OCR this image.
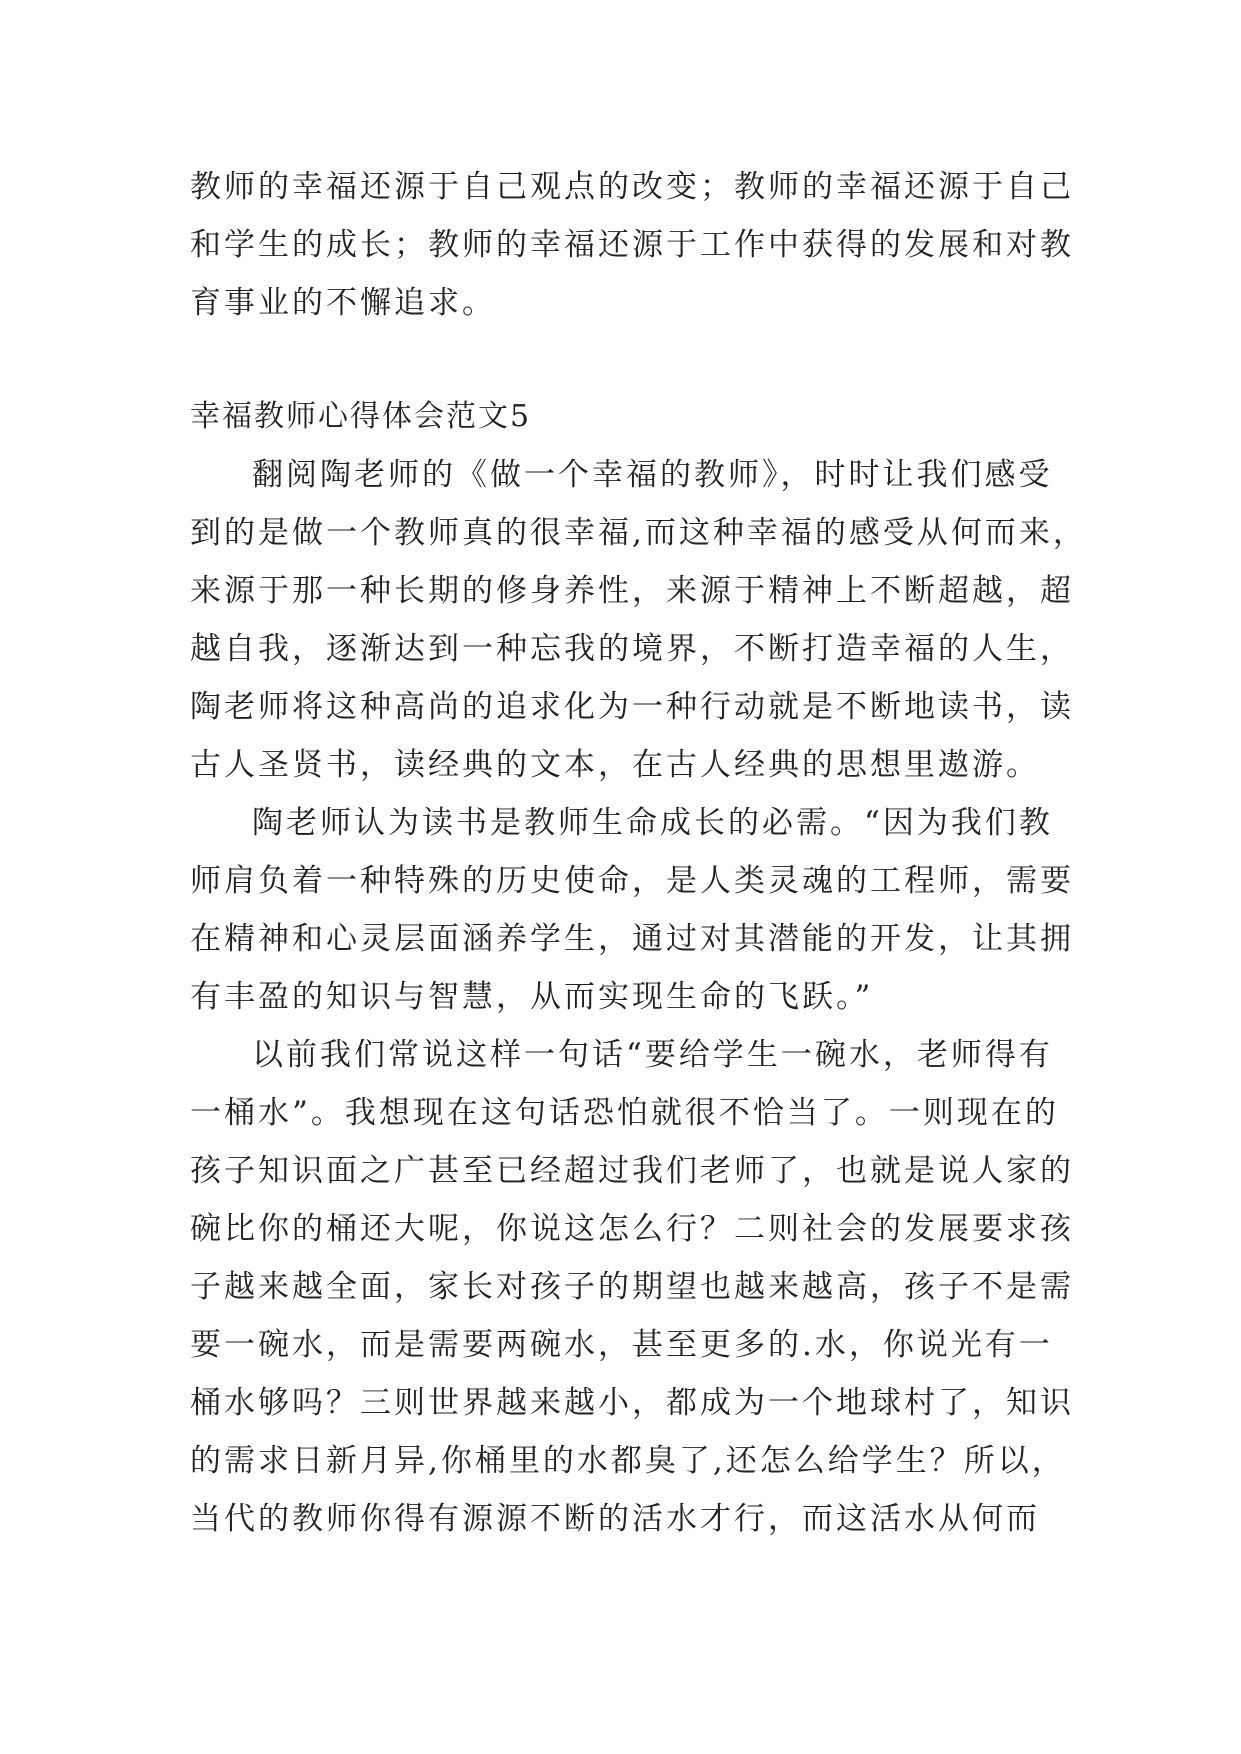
教师的幸福还源于自己观点的改变；教师的幸福还源于自己
和学生的成长；教师的幸福还源于工作中获得的发展和对教
育事业的不懈追求。

幸福教师心得体会范文5

翻阅陶老师的《做一个幸福的教师》，时时让我们感受
到的是做一个教师真的很幸福,而这种幸福的感受从何而来，
来源于那一种长期的修身养性，来源于精神上不断超越，超
越自我，逐渐达到一种忘我的境界，不断打造幸福的人生，
陶老师将这种高尚的追求化为一种行动就是不断地读书，读
古人圣贤书，读经典的文本，在古人经典的思想里遨游。

陶老师认为读书是教师生命成长的必需。“因为我们教
师肩负着一种特殊的历史使命，是人类灵魂的工程师，需要
在精神和心灵层面涵养学生，通过对其潜能的开发，让其拥
有丰盈的知识与智慧，从而实现生命的飞跃。”

以前我们常说这样一句话“要给学生一碗水，老师得有
一桶水”。我想现在这句话恐怕就很不恰当了。一则现在的
孩子知识面之广甚至已经超过我们老师了，也就是说人家的
碗比你的桶还大呢，你说这怎么行？二则社会的发展要求孩
子越来越全面，家长对孩子的期望也越来越高，孩子不是需
要一碗水，而是需要两碗水，甚至更多的.水，你说光有一
桶水够吗？三则世界越来越小，都成为一个地球村了，知识
的需求日新月异,你桶里的水都臭了,还怎么给学生？所以，
当代的教师你得有源源不断的活水才行，而这活水从何而
